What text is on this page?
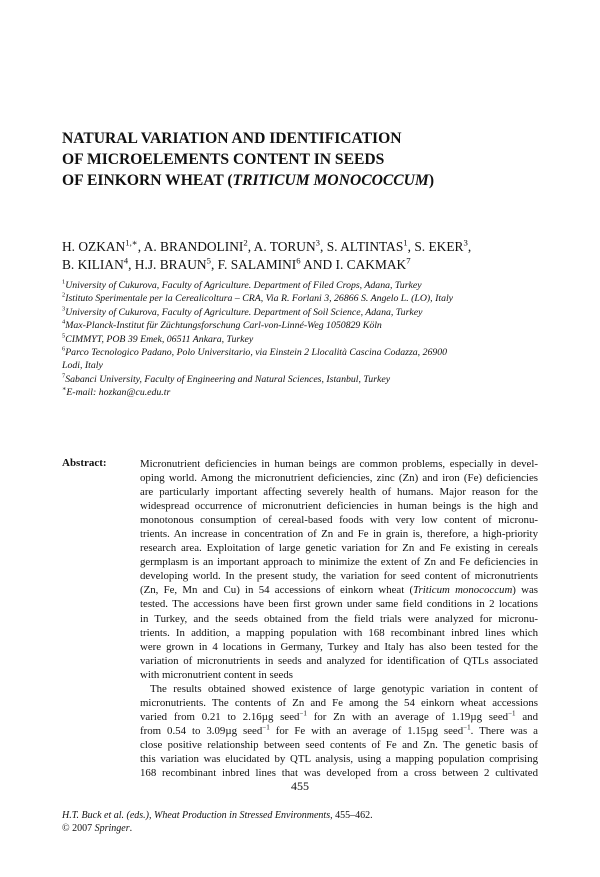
NATURAL VARIATION AND IDENTIFICATION
OF MICROELEMENTS CONTENT IN SEEDS
OF EINKORN WHEAT (TRITICUM MONOCOCCUM)
H. $OZKAN^{1,∗}$, A. BRANDOLINI$^2$, A. TORUN$^3$, S. ALTINTAS$^1$, S. EKER$^3$,
B. KILIAN$^4$, H.J. BRAUN$^5$, F. SALAMINI$^6$ AND I. CAKMAK$^7$
$^1$University of Cukurova, Faculty of Agriculture. Department of Filed Crops, Adana, Turkey
$^2$Istituto Sperimentale per la Cerealicoltura – CRA, Via R. Forlani 3, 26866 S. Angelo L. (LO), Italy
$^3$University of Cukurova, Faculty of Agriculture. Department of Soil Science, Adana, Turkey
$^4$Max-Planck-Institut für Züchtungsforschung Carl-von-Linné-Weg 1050829 Köln
$^5$CIMMYT, POB 39 Emek, 06511 Ankara, Turkey
$^6$Parco Tecnologico Padano, Polo Universitario, via Einstein 2 Llocalità Cascina Codazza, 26900
Lodi, Italy
$^7$Sabanci University, Faculty of Engineering and Natural Sciences, Istanbul, Turkey
∗E-mail: hozkan@cu.edu.tr
Abstract:	Micronutrient deficiencies in human beings are common problems, especially in devel-
oping world. Among the micronutrient deficiencies, zinc (Zn) and iron (Fe) deficiencies
are particularly important affecting severely health of humans. Major reason for the
widespread occurrence of micronutrient deficiencies in human beings is the high and
monotonous consumption of cereal-based foods with very low content of micronu-
trients. An increase in concentration of Zn and Fe in grain is, therefore, a high-priority
research area. Exploitation of large genetic variation for Zn and Fe existing in cereals
germplasm is an important approach to minimize the extent of Zn and Fe deficiencies in
developing world. In the present study, the variation for seed content of micronutrients
(Zn, Fe, Mn and Cu) in 54 accessions of einkorn wheat (Triticum monococcum) was
tested. The accessions have been first grown under same field conditions in 2 locations
in Turkey, and the seeds obtained from the field trials were analyzed for micronu-
trients. In addition, a mapping population with 168 recombinant inbred lines which
were grown in 4 locations in Germany, Turkey and Italy has also been tested for the
variation of micronutrients in seeds and analyzed for identification of QTLs associated
with micronutrient content in seeds
The results obtained showed existence of large genotypic variation in content of
micronutrients. The contents of Zn and Fe among the 54 einkorn wheat accessions
varied from 0.21 to 2.16µg seed$^{-1}$ for Zn with an average of 1.19µg seed$^{-1}$ and
from 0.54 to 3.09µg seed$^{-1}$ for Fe with an average of 1.15µg seed$^{-1}$. There was a
close positive relationship between seed contents of Fe and Zn. The genetic basis of
this variation was elucidated by QTL analysis, using a mapping population comprising
168 recombinant inbred lines that was developed from a cross between 2 cultivated
455
H.T. Buck et al. (eds.), Wheat Production in Stressed Environments, 455–462.
© 2007 Springer.
